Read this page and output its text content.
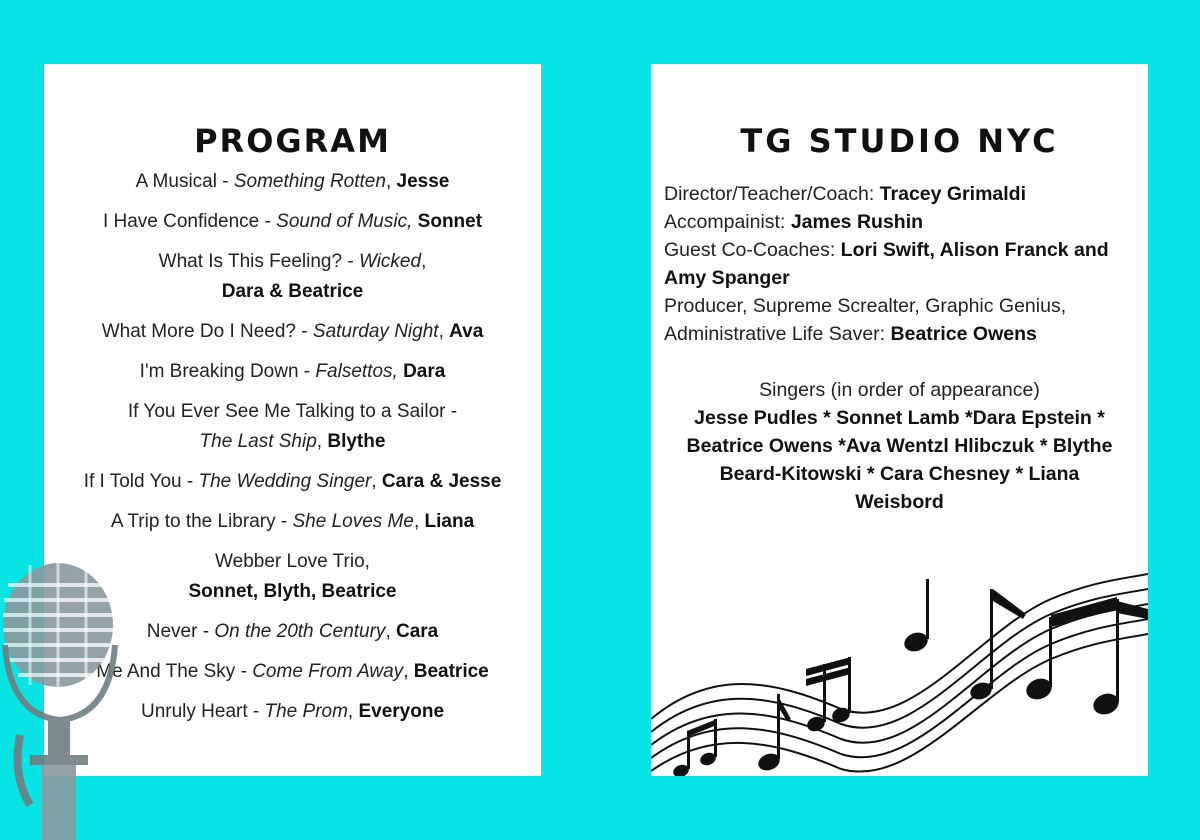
PROGRAM
A Musical - Something Rotten, Jesse
I Have Confidence - Sound of Music, Sonnet
What Is This Feeling? - Wicked,
Dara & Beatrice
What More Do I Need? - Saturday Night, Ava
I'm Breaking Down - Falsettos, Dara
If You Ever See Me Talking to a Sailor -
The Last Ship, Blythe
If I Told You - The Wedding Singer, Cara & Jesse
A Trip to the Library - She Loves Me, Liana
Webber Love Trio,
Sonnet, Blyth, Beatrice
Never - On the 20th Century, Cara
Me And The Sky - Come From Away, Beatrice
Unruly Heart - The Prom, Everyone
TG STUDIO NYC
Director/Teacher/Coach: Tracey Grimaldi
Accompainist: James Rushin
Guest Co-Coaches: Lori Swift, Alison Franck and Amy Spanger
Producer, Supreme Screalter, Graphic Genius, Administrative Life Saver: Beatrice Owens
Singers (in order of appearance)
Jesse Pudles * Sonnet Lamb *Dara Epstein * Beatrice Owens *Ava Wentzl Hlibczuk * Blythe Beard-Kitowski * Cara Chesney * Liana Weisbord
